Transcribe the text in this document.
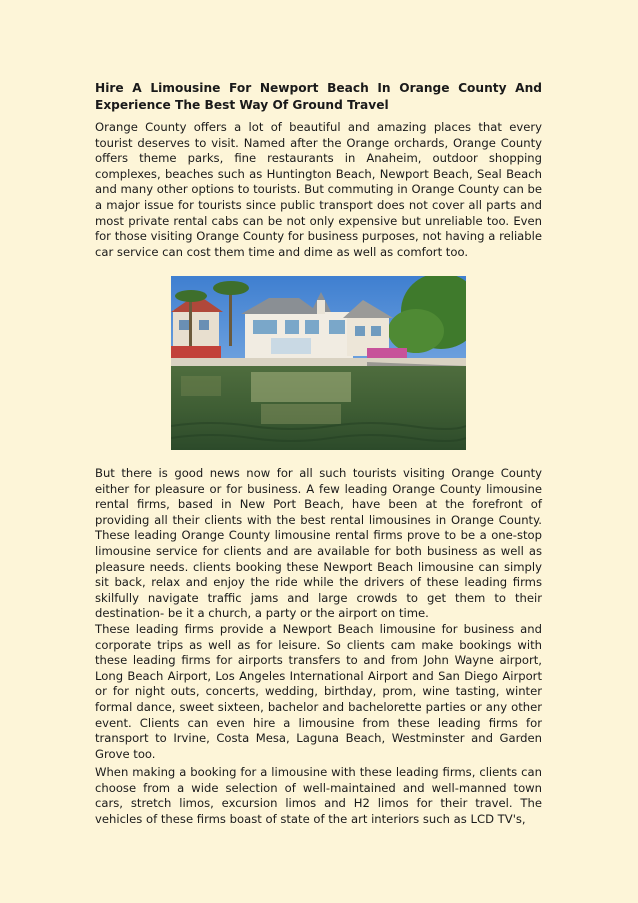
Hire A Limousine For Newport Beach In Orange County And Experience The Best Way Of Ground Travel

Orange County offers a lot of beautiful and amazing places that every tourist deserves to visit. Named after the Orange orchards, Orange County offers theme parks, fine restaurants in Anaheim, outdoor shopping complexes, beaches such as Huntington Beach, Newport Beach, Seal Beach and many other options to tourists. But commuting in Orange County can be a major issue for tourists since public transport does not cover all parts and most private rental cabs can be not only expensive but unreliable too. Even for those visiting Orange County for business purposes, not having a reliable car service can cost them time and dime as well as comfort too.

But there is good news now for all such tourists visiting Orange County either for pleasure or for business. A few leading Orange County limousine rental firms, based in New Port Beach, have been at the forefront of providing all their clients with the best rental limousines in Orange County. These leading Orange County limousine rental firms prove to be a one-stop limousine service for clients and are available for both business as well as pleasure needs. clients booking these Newport Beach limousine can simply sit back, relax and enjoy the ride while the drivers of these leading firms skilfully navigate traffic jams and large crowds to get them to their destination- be it a church, a party or the airport on time.

These leading firms provide a Newport Beach limousine for business and corporate trips as well as for leisure. So clients cam make bookings with these leading firms for airports transfers to and from John Wayne airport, Long Beach Airport, Los Angeles International Airport and San Diego Airport or for night outs, concerts, wedding, birthday, prom, wine tasting, winter formal dance, sweet sixteen, bachelor and bachelorette parties or any other event. Clients can even hire a limousine from these leading firms for transport to Irvine, Costa Mesa, Laguna Beach, Westminster and Garden Grove too.

When making a booking for a limousine with these leading firms, clients can choose from a wide selection of well-maintained and well-manned town cars, stretch limos, excursion limos and H2 limos for their travel. The vehicles of these firms boast of state of the art interiors such as LCD TV's,
